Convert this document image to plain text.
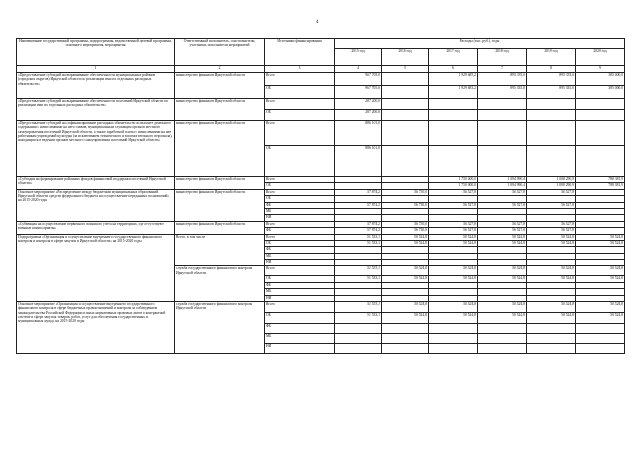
4
Наименование государственной программы, подпрограммы, ведомственной целевой программы, основного мероприятия, мероприятия	Ответственный исполнитель, соисполнители, участники, исполнители мероприятий	Источники финансирования	Расходы (тыс. руб.), годы					
			2015 год	2016 год	2017 год	2018 год	2019 год	2020 год
1	2	3	4	5	6	7	8	9
«Предоставление субсидий на выравнивание обеспеченности муниципальных районов (городских округов) Иркутской области по реализации ими их отдельных расходных обязательств»	министерство финансов Иркутской области	Всего	967 705,0		1 929 683,2	895 335,0	895 335,0	385 000,0
		ОБ	967 705,0		1 929 683,2	895 335,0	895 335,0	385 000,0
«Предоставление субсидий на выравнивание обеспеченности поселений Иркутской области по реализации ими их отдельных расходных обязательств»	министерство финансов Иркутской области	Всего	287 200,0					
		ОБ	287 200,0					
«Предоставление субсидий на софинансирование расходных обязательств по выплате денежного содержания с начислениями на него главам, муниципальным служащим органов местного самоуправления поселений Иркутской области, а также заработной платы с начислениями на нее работникам учреждений культуры (за исключением технического и вспомогательного персонала), находящихся в ведении органов местного самоуправления поселений Иркутской области»	министерство финансов Иркутской области	Всего	886 101,0					
		ОБ	886 101,0					
«Субсидия на формирование районных фондов финансовой поддержки поселений Иркутской области»	министерство финансов Иркутской области	Всего			1 750 000,0	1 094 990,4	1 008 290,9	788 381,9
		ОБ			1 750 000,0	1 094 990,4	1 008 290,9	788 381,9
Основное мероприятие «Распределение между бюджетами муниципальных образований Иркутской области средств федерального бюджета на осуществление переданных полномочий» на 2015-2020 годы	министерство финансов Иркутской области	Всего	57 874,2	56 730,0	56 527,8	56 527,8	56 527,8	
		ОБ						
		ФБ	57 874,2	56 730,0	56 527,8	56 527,8	56 527,8	
		МБ						
		НИ						
«Субвенция на осуществление первичного воинского учета на территориях, где отсутствуют военные комиссариаты»	министерство финансов Иркутской области	Всего	57 874,2	56 730,0	56 527,8	56 527,8	56 527,8	
		ФБ	57 874,2	56 730,0	56 527,8	56 527,8	56 527,8	
Подпрограмма «Организация и осуществление внутреннего государственного финансового контроля и контроля в сфере закупок в Иркутской области» на 2015-2020 годы	Всего, в том числе	Всего	51 533,1	50 524,8	50 524,8	50 524,8	50 524,8	50 524,8
		ОБ	51 533,1	50 524,8	50 524,8	50 524,8	50 524,8	50 524,8
		ФБ						
		МБ						
		НИ						
	служба государственного финансового контроля Иркутской области	Всего	51 533,1	50 524,8	50 524,8	50 524,8	50 524,8	50 524,8
		ОБ	51 533,1	50 524,8	50 524,8	50 524,8	50 524,8	50 524,8
		ФБ						
		МБ						
		НИ						
Основное мероприятие «Организация и осуществление внутреннего государственного финансового контроля в сфере бюджетных правоотношений и контроля за соблюдением законодательства Российской Федерации и иных нормативных правовых актов о контрактной системе в сфере закупок товаров, работ, услуг для обеспечения государственных и муниципальных нужд» на 2015-2020 годы	служба государственного финансового контроля Иркутской области	Всего	51 533,1	50 524,8	50 524,8	50 524,8	50 524,8	50 524,8
		ОБ	51 533,1	50 524,8	50 524,8	50 524,8	50 524,8	50 524,8
		ФБ						
		МБ						
		НИ						
